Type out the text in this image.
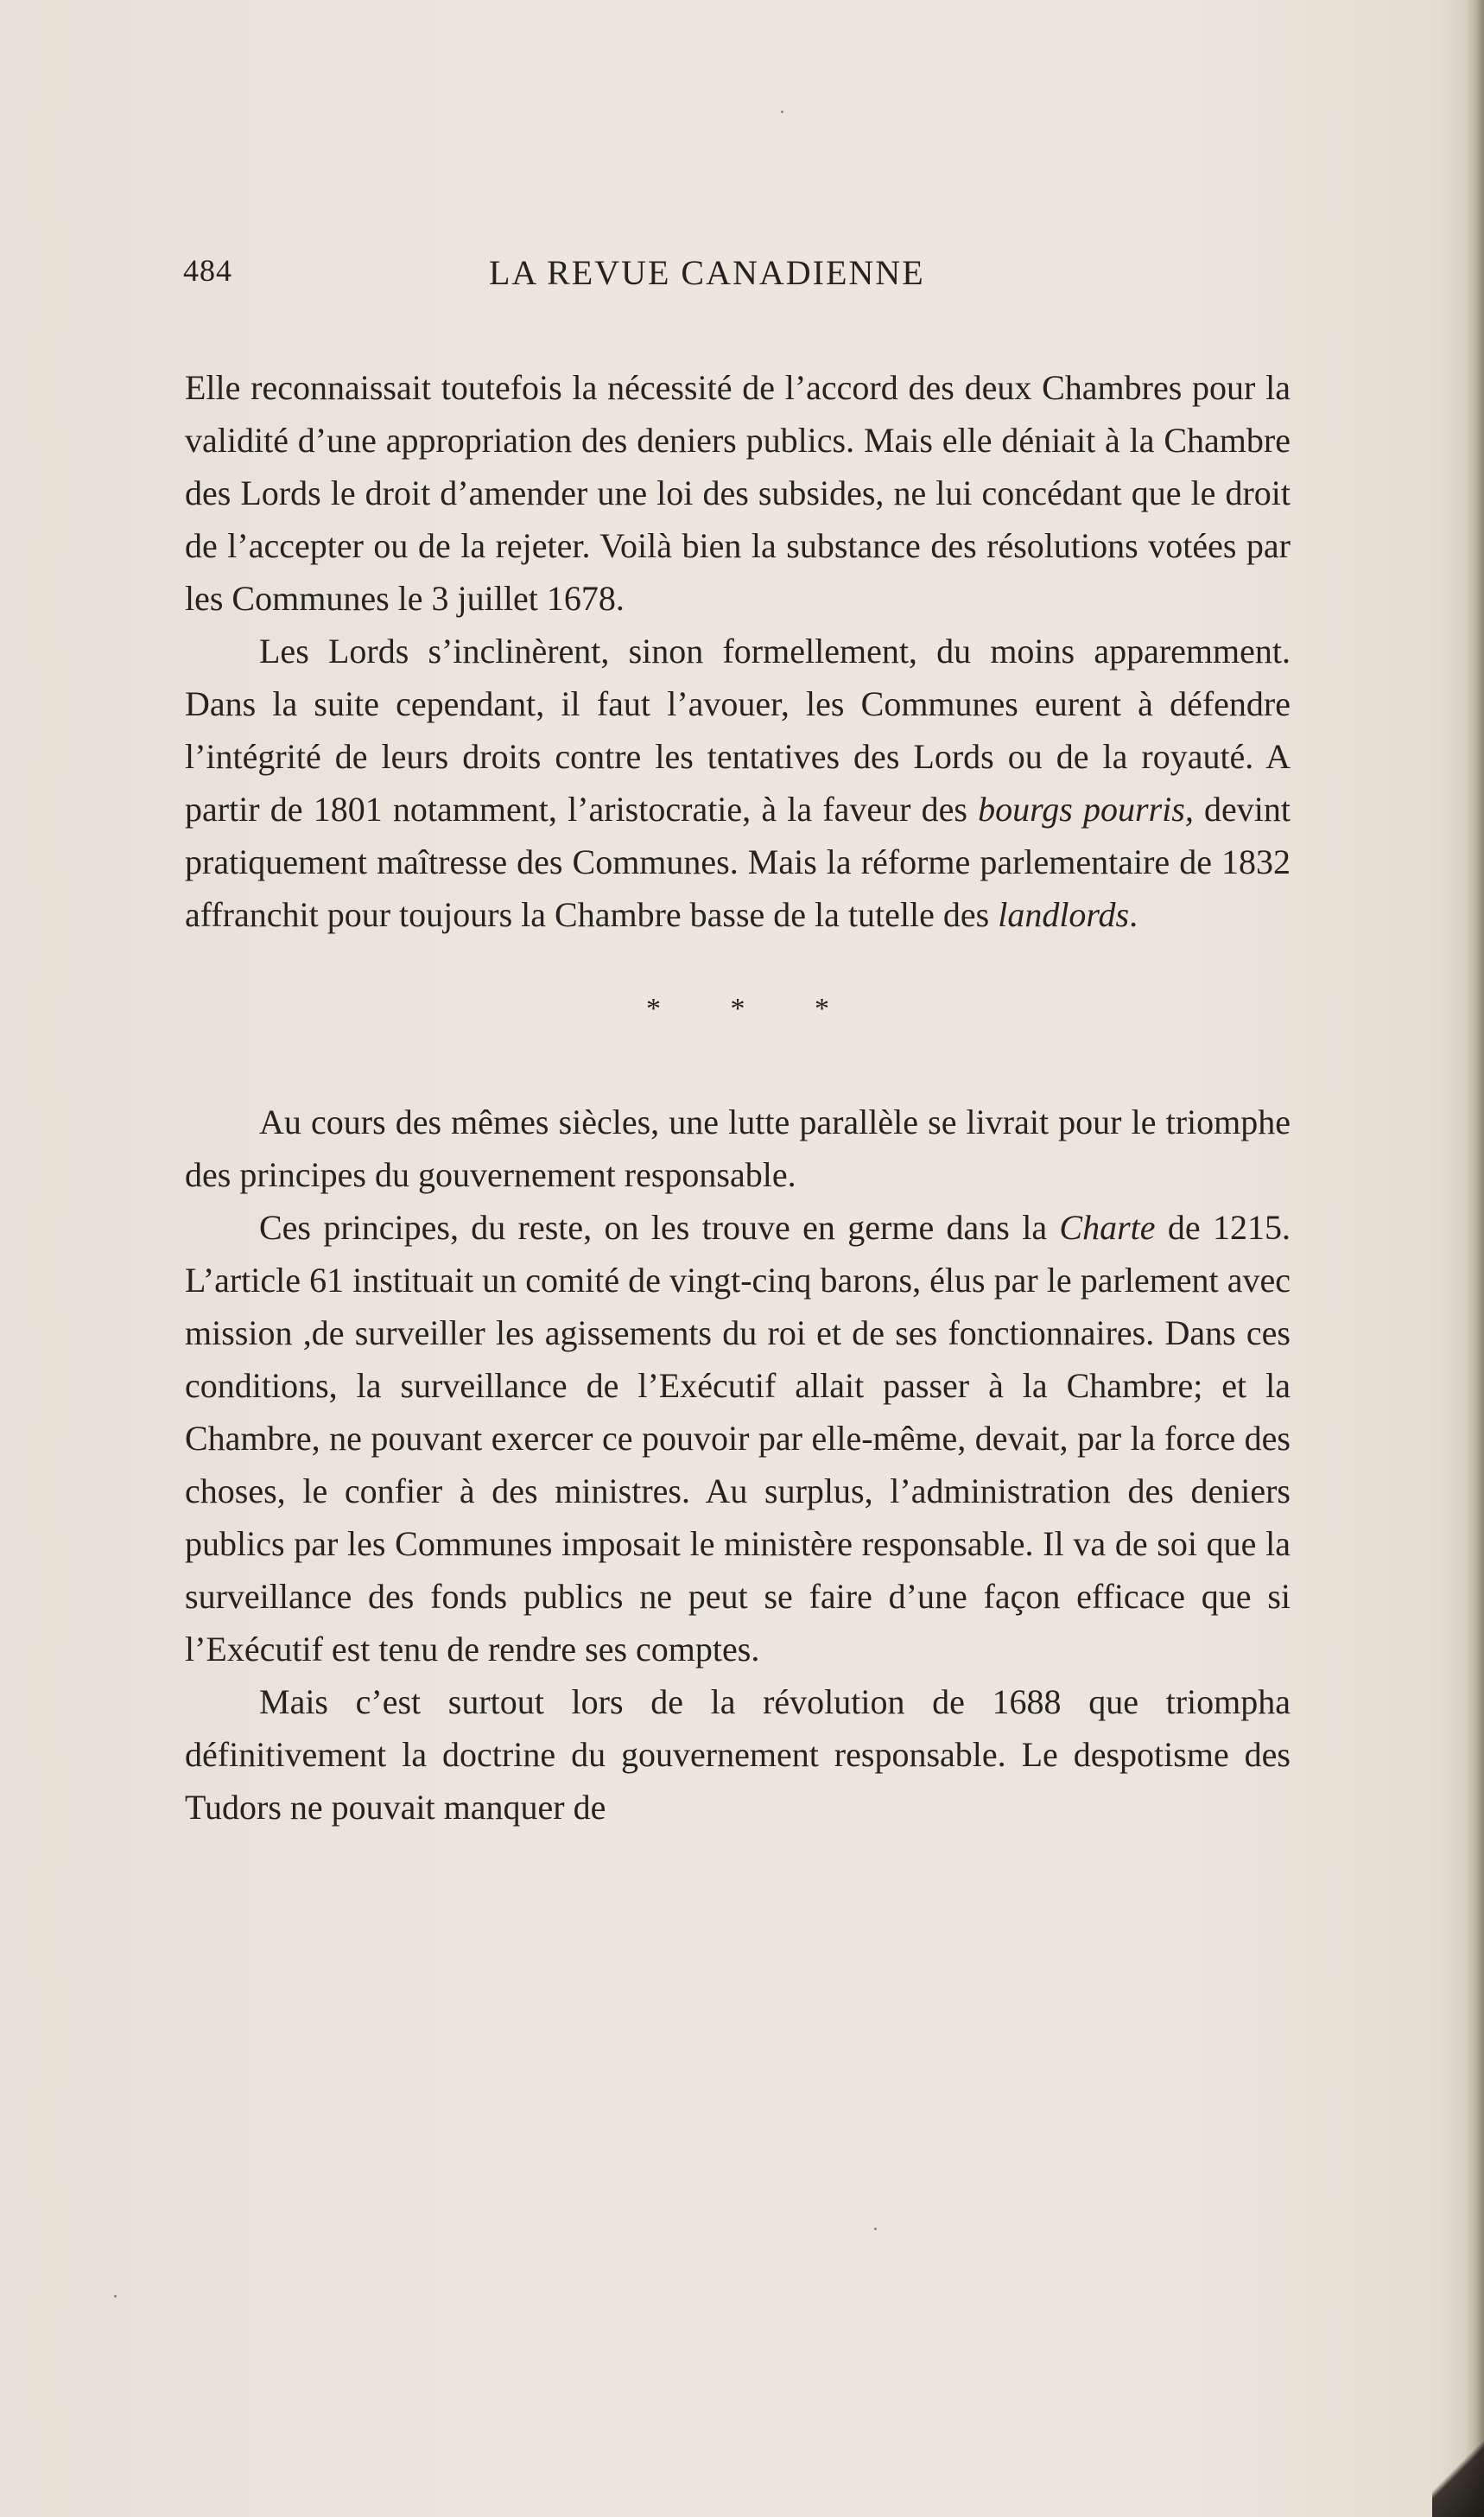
484	LA REVUE CANADIENNE

Elle reconnaissait toutefois la nécessité de l’accord des deux Chambres pour la validité d’une appropriation des deniers publics. Mais elle déniait à la Chambre des Lords le droit d’amender une loi des subsides, ne lui concédant que le droit de l’accepter ou de la rejeter. Voilà bien la substance des résolutions votées par les Communes le 3 juillet 1678.

Les Lords s’inclinèrent, sinon formellement, du moins apparemment. Dans la suite cependant, il faut l’avouer, les Communes eurent à défendre l’intégrité de leurs droits contre les tentatives des Lords ou de la royauté. A partir de 1801 notamment, l’aristocratie, à la faveur des bourgs pourris, devint pratiquement maîtresse des Communes. Mais la réforme parlementaire de 1832 affranchit pour toujours la Chambre basse de la tutelle des landlords.

* * *

Au cours des mêmes siècles, une lutte parallèle se livrait pour le triomphe des principes du gouvernement responsable.

Ces principes, du reste, on les trouve en germe dans la Charte de 1215. L’article 61 instituait un comité de vingt-cinq barons, élus par le parlement avec mission ,de surveiller les agissements du roi et de ses fonctionnaires. Dans ces conditions, la surveillance de l’Exécutif allait passer à la Chambre; et la Chambre, ne pouvant exercer ce pouvoir par elle-même, devait, par la force des choses, le confier à des ministres. Au surplus, l’administration des deniers publics par les Communes imposait le ministère responsable. Il va de soi que la surveillance des fonds publics ne peut se faire d’une façon efficace que si l’Exécutif est tenu de rendre ses comptes.

Mais c’est surtout lors de la révolution de 1688 que triompha définitivement la doctrine du gouvernement responsable. Le despotisme des Tudors ne pouvait manquer de
